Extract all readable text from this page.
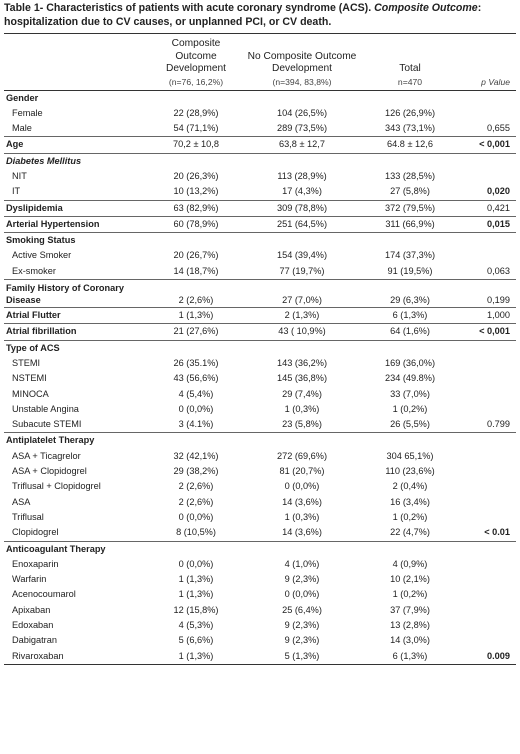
Table 1- Characteristics of patients with acute coronary syndrome (ACS). Composite Outcome: hospitalization due to CV causes, or unplanned PCI, or CV death.

	Composite Outcome Development	No Composite Outcome Development	Total	
	(n=76, 16,2%)	(n=394, 83,8%)	n=470	p Value
Gender				
Female	22 (28,9%)	104 (26,5%)	126 (26,9%)	
Male	54 (71,1%)	289 (73,5%)	343 (73,1%)	0,655
Age	70,2 ± 10,8	63,8 ± 12,7	64.8 ± 12,6	< 0,001
Diabetes Mellitus				
NIT	20 (26,3%)	113 (28,9%)	133 (28,5%)	
IT	10 (13,2%)	17 (4,3%)	27 (5,8%)	0,020
Dyslipidemia	63 (82,9%)	309 (78,8%)	372 (79,5%)	0,421
Arterial Hypertension	60 (78,9%)	251 (64,5%)	311 (66,9%)	0,015
Smoking Status				
Active Smoker	20 (26,7%)	154 (39,4%)	174 (37,3%)	
Ex-smoker	14 (18,7%)	77 (19,7%)	91 (19,5%)	0,063

Family History of Coronary
Disease	2 (2,6%)	27 (7,0%)	29 (6,3%)	0,199
Atrial Flutter	1 (1,3%)	2 (1,3%)	6 (1,3%)	1,000
Atrial fibrillation	21 (27,6%)	43 ( 10,9%)	64 (1,6%)	< 0,001
Type of ACS				
STEMI	26 (35.1%)	143 (36,2%)	169 (36,0%)	
NSTEMI	43 (56,6%)	145 (36,8%)	234 (49.8%)	
MINOCA	4 (5,4%)	29 (7,4%)	33 (7,0%)	
Unstable Angina	0 (0,0%)	1 (0,3%)	1 (0,2%)	
Subacute STEMI	3 (4.1%)	23 (5,8%)	26 (5,5%)	0.799
Antiplatelet Therapy				
ASA + Ticagrelor	32 (42,1%)	272 (69,6%)	304 65,1%)	
ASA + Clopidogrel	29 (38,2%)	81 (20,7%)	110 (23,6%)	
Triflusal + Clopidogrel	2 (2,6%)	0 (0,0%)	2 (0,4%)	
ASA	2 (2,6%)	14 (3,6%)	16 (3,4%)	
Triflusal	0 (0,0%)	1 (0,3%)	1 (0,2%)	
Clopidogrel	8 (10,5%)	14 (3,6%)	22 (4,7%)	< 0.01
Anticoagulant Therapy				
Enoxaparin	0 (0,0%)	4 (1,0%)	4 (0,9%)	
Warfarin	1 (1,3%)	9 (2,3%)	10 (2,1%)	
Acenocoumarol	1 (1,3%)	0 (0,0%)	1 (0,2%)	
Apixaban	12 (15,8%)	25 (6,4%)	37 (7,9%)	
Edoxaban	4 (5,3%)	9 (2,3%)	13 (2,8%)	
Dabigatran	5 (6,6%)	9 (2,3%)	14 (3,0%)	
Rivaroxaban	1 (1,3%)	5 (1,3%)	6 (1,3%)	0.009
